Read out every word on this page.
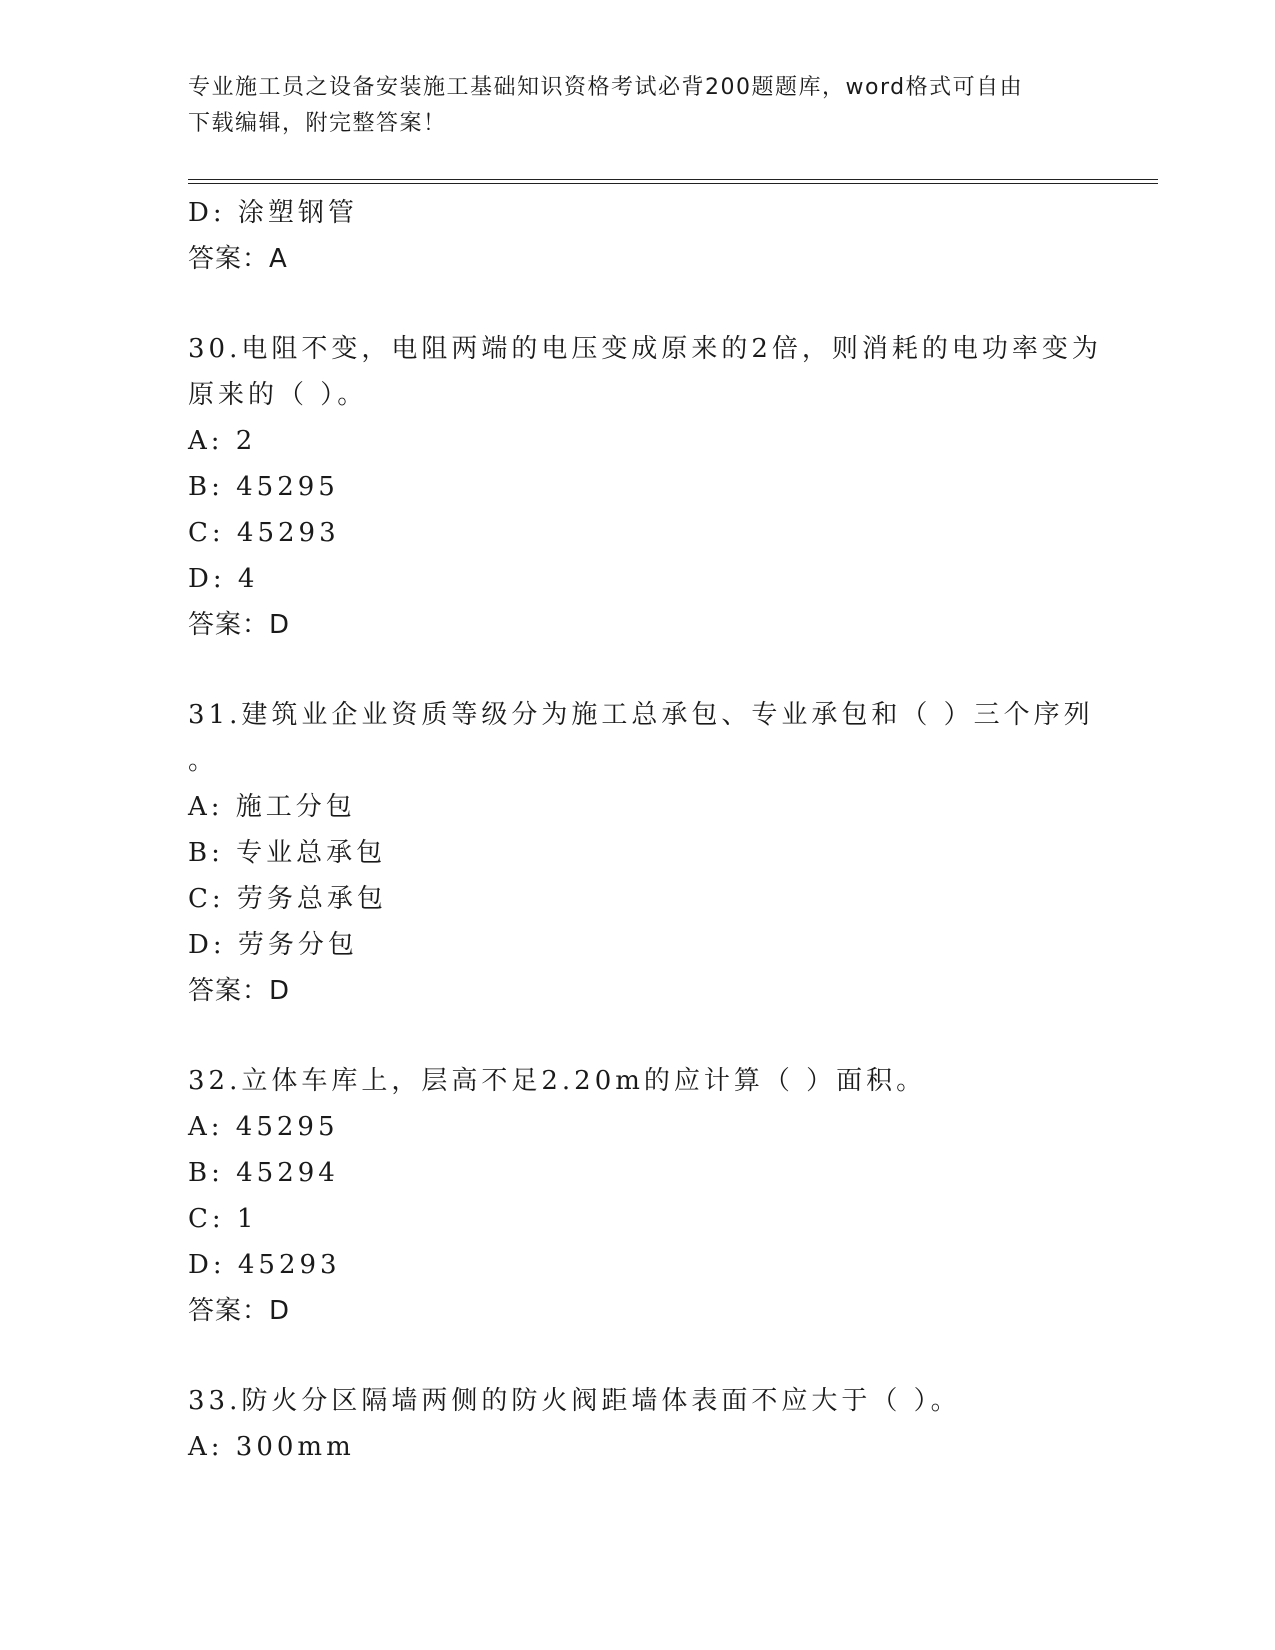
专业施工员之设备安装施工基础知识资格考试必背200题题库，word格式可自由
下载编辑，附完整答案！
D: 涂塑钢管
答案：A
30.电阻不变，电阻两端的电压变成原来的2倍，则消耗的电功率变为
原来的（ ）。
A: 2
B: 45295
C: 45293
D: 4
答案：D
31.建筑业企业资质等级分为施工总承包、专业承包和（ ）三个序列
。
A: 施工分包
B: 专业总承包
C: 劳务总承包
D: 劳务分包
答案：D
32.立体车库上，层高不足2.20m的应计算（ ）面积。
A: 45295
B: 45294
C: 1
D: 45293
答案：D
33.防火分区隔墙两侧的防火阀距墙体表面不应大于（ ）。
A: 300mm
